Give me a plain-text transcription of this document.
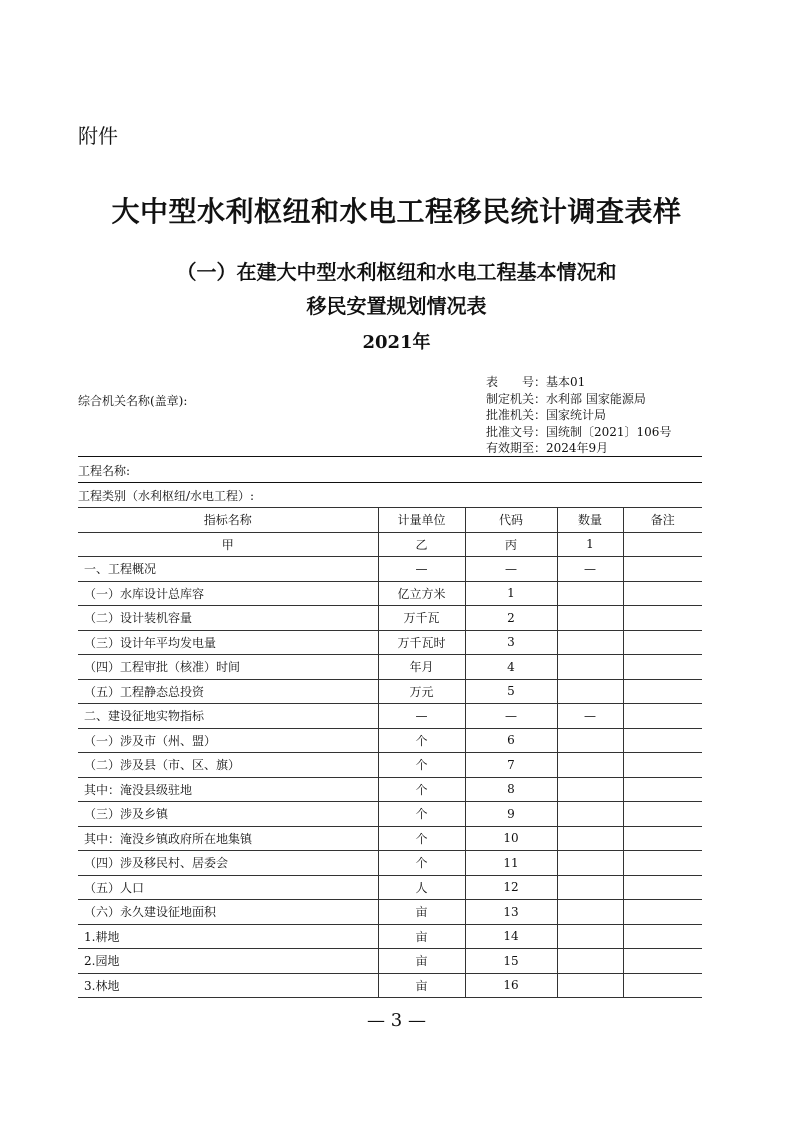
附件
大中型水利枢纽和水电工程移民统计调查表样
（一）在建大中型水利枢纽和水电工程基本情况和
移民安置规划情况表
2021年
综合机关名称(盖章):
表　　号：基本01
制定机关：水利部 国家能源局
批准机关：国家统计局
批准文号：国统制〔2021〕106号
有效期至：2024年9月
工程名称:
工程类别（水利枢纽/水电工程）:
指标名称	计量单位	代码	数量	备注
甲	乙	丙	1	
一、工程概况	—	—	—	
（一）水库设计总库容	亿立方米	1		
（二）设计装机容量	万千瓦	2		
（三）设计年平均发电量	万千瓦时	3		
（四）工程审批（核准）时间	年月	4		
（五）工程静态总投资	万元	5		
二、建设征地实物指标	—	—	—	
（一）涉及市（州、盟）	个	6		
（二）涉及县（市、区、旗）	个	7		
其中：淹没县级驻地	个	8		
（三）涉及乡镇	个	9		
其中：淹没乡镇政府所在地集镇	个	10		
（四）涉及移民村、居委会	个	11		
（五）人口	人	12		
（六）永久建设征地面积	亩	13		
1.耕地	亩	14		
2.园地	亩	15		
3.林地	亩	16		
— 3 —
